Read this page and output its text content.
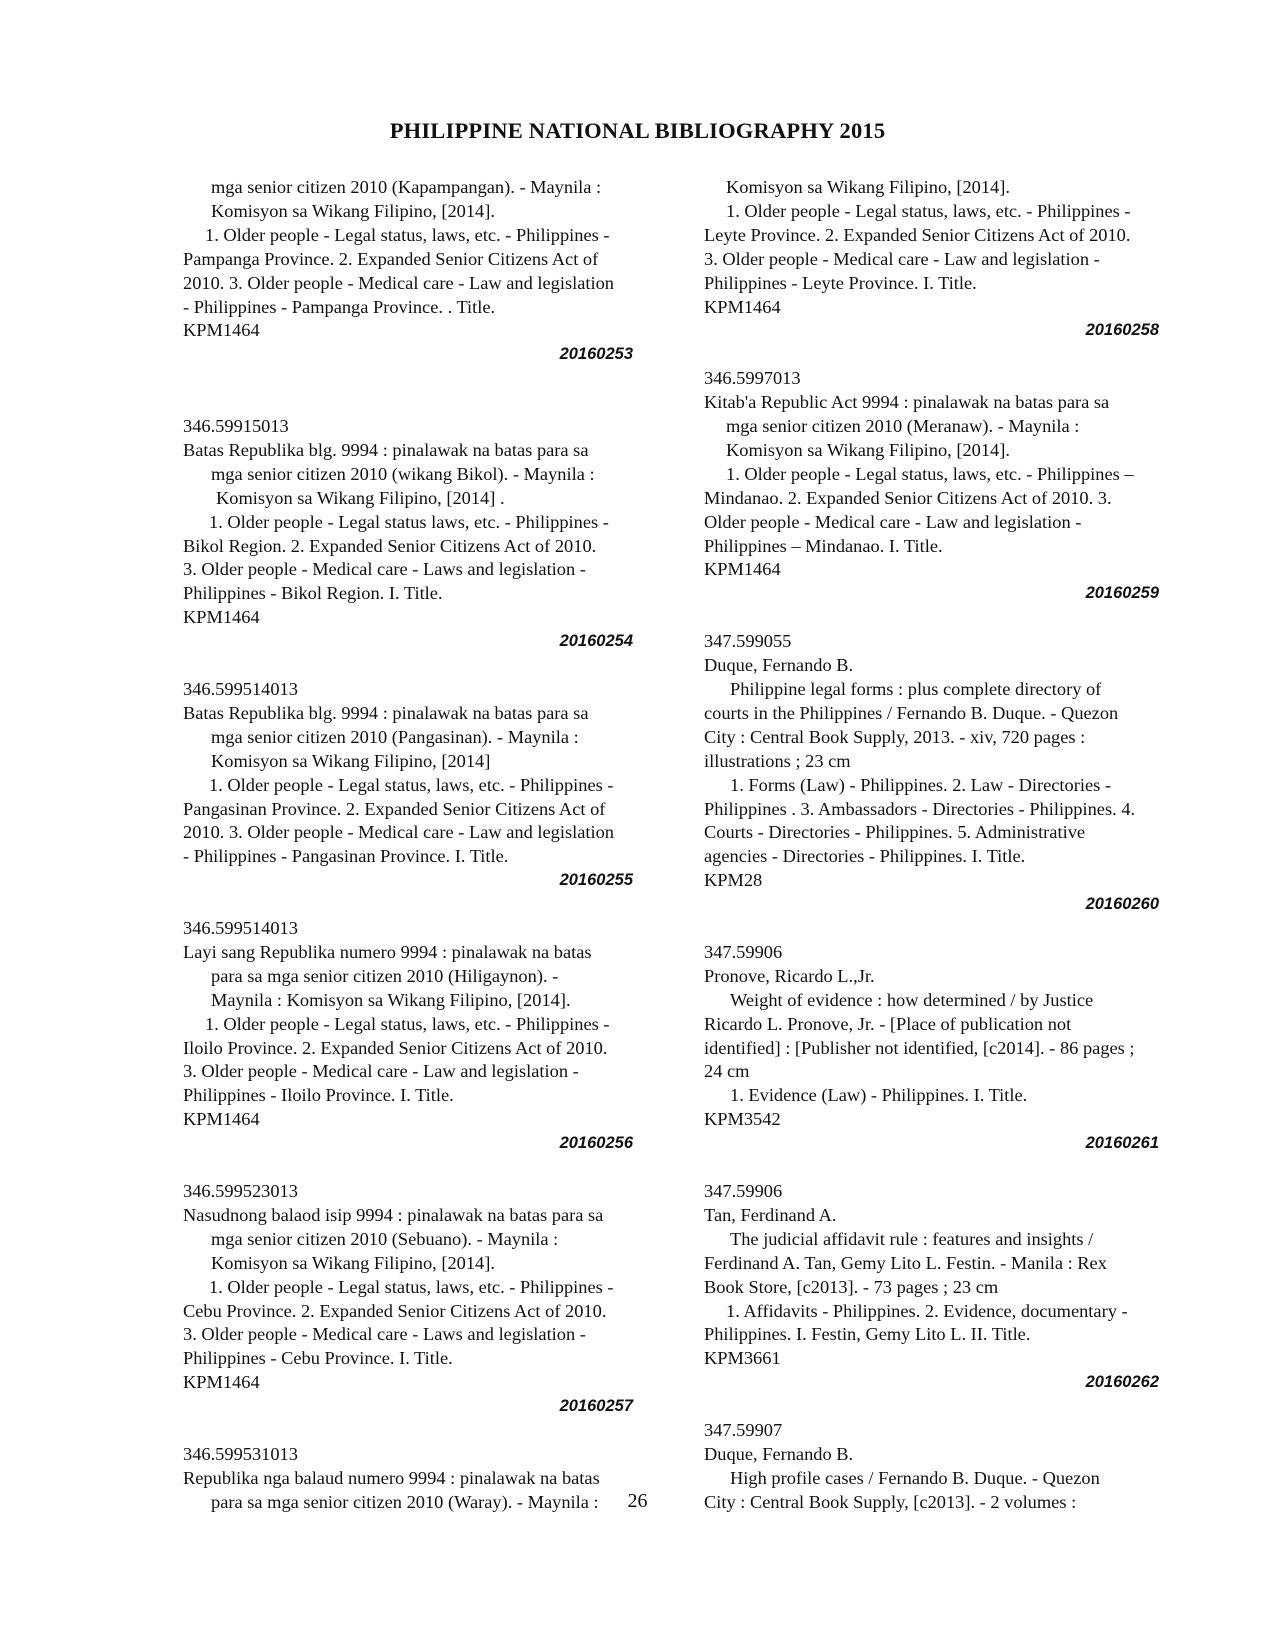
PHILIPPINE NATIONAL BIBLIOGRAPHY 2015
mga senior citizen 2010 (Kapampangan). - Maynila :
Komisyon sa Wikang Filipino, [2014].
1. Older people - Legal status, laws, etc. - Philippines -
Pampanga Province. 2. Expanded Senior Citizens Act of
2010. 3. Older people - Medical care - Law and legislation
- Philippines - Pampanga Province. . Title.
KPM1464
20160253
346.59915013
Batas Republika blg. 9994 : pinalawak na batas para sa
mga senior citizen 2010 (wikang Bikol). - Maynila :
Komisyon sa Wikang Filipino, [2014] .
1. Older people - Legal status laws, etc. - Philippines -
Bikol Region. 2. Expanded Senior Citizens Act of 2010.
3. Older people - Medical care - Laws and legislation -
Philippines - Bikol Region. I. Title.
KPM1464
20160254
346.599514013
Batas Republika blg. 9994 : pinalawak na batas para sa
mga senior citizen 2010 (Pangasinan). - Maynila :
Komisyon sa Wikang Filipino, [2014]
1. Older people - Legal status, laws, etc. - Philippines -
Pangasinan Province. 2. Expanded Senior Citizens Act of
2010. 3. Older people - Medical care - Law and legislation
- Philippines - Pangasinan Province. I. Title.
20160255
346.599514013
Layi sang Republika numero 9994 : pinalawak na batas
para sa mga senior citizen 2010 (Hiligaynon). -
Maynila : Komisyon sa Wikang Filipino, [2014].
1. Older people - Legal status, laws, etc. - Philippines -
Iloilo Province. 2. Expanded Senior Citizens Act of 2010.
3. Older people - Medical care - Law and legislation -
Philippines - Iloilo Province. I. Title.
KPM1464
20160256
346.599523013
Nasudnong balaod isip 9994 : pinalawak na batas para sa
mga senior citizen 2010 (Sebuano). - Maynila :
Komisyon sa Wikang Filipino, [2014].
1. Older people - Legal status, laws, etc. - Philippines -
Cebu Province. 2. Expanded Senior Citizens Act of 2010.
3. Older people - Medical care - Laws and legislation -
Philippines - Cebu Province. I. Title.
KPM1464
20160257
346.599531013
Republika nga balaud numero 9994 : pinalawak na batas
para sa mga senior citizen 2010 (Waray). - Maynila :
Komisyon sa Wikang Filipino, [2014].
1. Older people - Legal status, laws, etc. - Philippines -
Leyte Province. 2. Expanded Senior Citizens Act of 2010.
3. Older people - Medical care - Law and legislation -
Philippines - Leyte Province. I. Title.
KPM1464
20160258
346.5997013
Kitab'a Republic Act 9994 : pinalawak na batas para sa
mga senior citizen 2010 (Meranaw). - Maynila :
Komisyon sa Wikang Filipino, [2014].
1. Older people - Legal status, laws, etc. - Philippines –
Mindanao. 2. Expanded Senior Citizens Act of 2010. 3.
Older people - Medical care - Law and legislation -
Philippines – Mindanao. I. Title.
KPM1464
20160259
347.599055
Duque, Fernando B.
Philippine legal forms : plus complete directory of
courts in the Philippines / Fernando B. Duque. - Quezon
City : Central Book Supply, 2013. - xiv, 720 pages :
illustrations ; 23 cm
1. Forms (Law) - Philippines. 2. Law - Directories -
Philippines . 3. Ambassadors - Directories - Philippines. 4.
Courts - Directories - Philippines. 5. Administrative
agencies - Directories - Philippines. I. Title.
KPM28
20160260
347.59906
Pronove, Ricardo L.,Jr.
Weight of evidence : how determined / by Justice
Ricardo L. Pronove, Jr. - [Place of publication not
identified] : [Publisher not identified, [c2014]. - 86 pages ;
24 cm
1. Evidence (Law) - Philippines. I. Title.
KPM3542
20160261
347.59906
Tan, Ferdinand A.
The judicial affidavit rule : features and insights /
Ferdinand A. Tan, Gemy Lito L. Festin. - Manila : Rex
Book Store, [c2013]. - 73 pages ; 23 cm
1. Affidavits - Philippines. 2. Evidence, documentary -
Philippines. I. Festin, Gemy Lito L. II. Title.
KPM3661
20160262
347.59907
Duque, Fernando B.
High profile cases / Fernando B. Duque. - Quezon
City : Central Book Supply, [c2013]. - 2 volumes :
26
